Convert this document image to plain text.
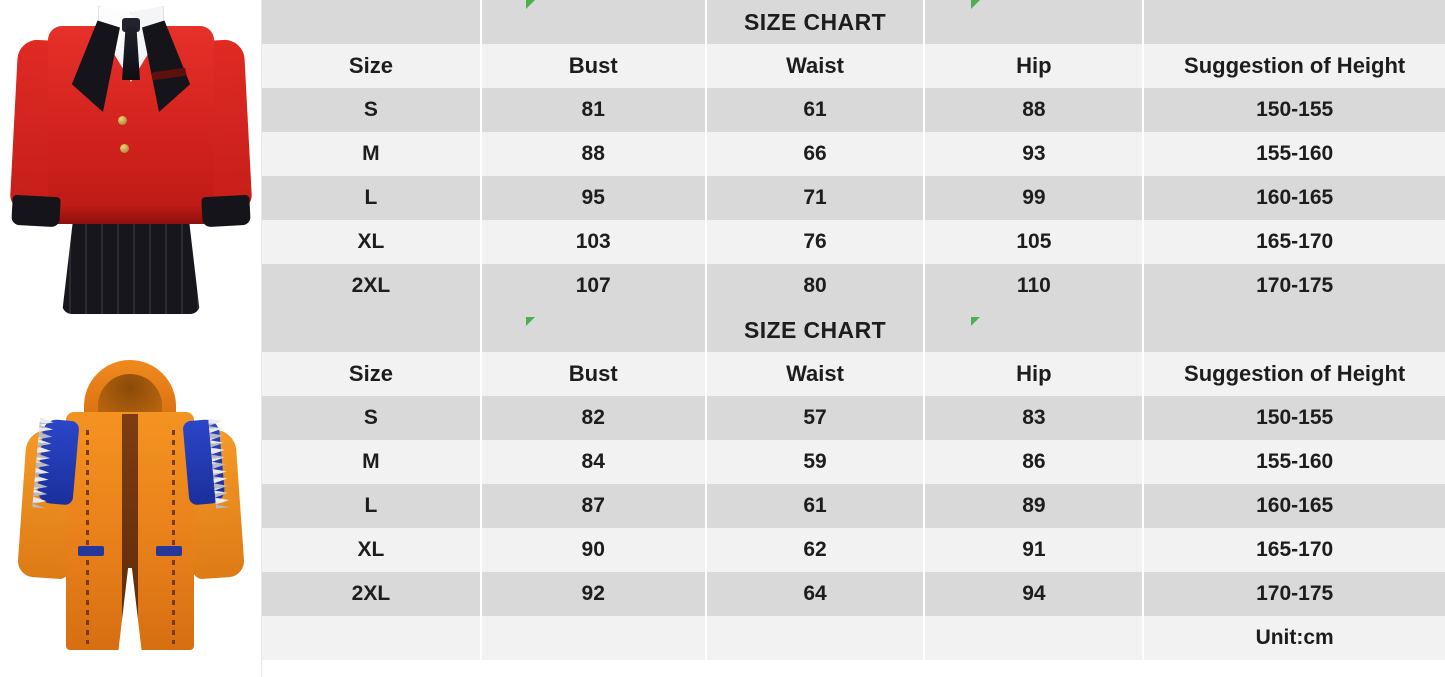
		SIZE CHART		
Size	Bust	Waist	Hip	Suggestion of Height
S	81	61	88	150-155
M	88	66	93	155-160
L	95	71	99	160-165
XL	103	76	105	165-170
2XL	107	80	110	170-175
		SIZE CHART		
Size	Bust	Waist	Hip	Suggestion of Height
S	82	57	83	150-155
M	84	59	86	155-160
L	87	61	89	160-165
XL	90	62	91	165-170
2XL	92	64	94	170-175
				Unit:cm
